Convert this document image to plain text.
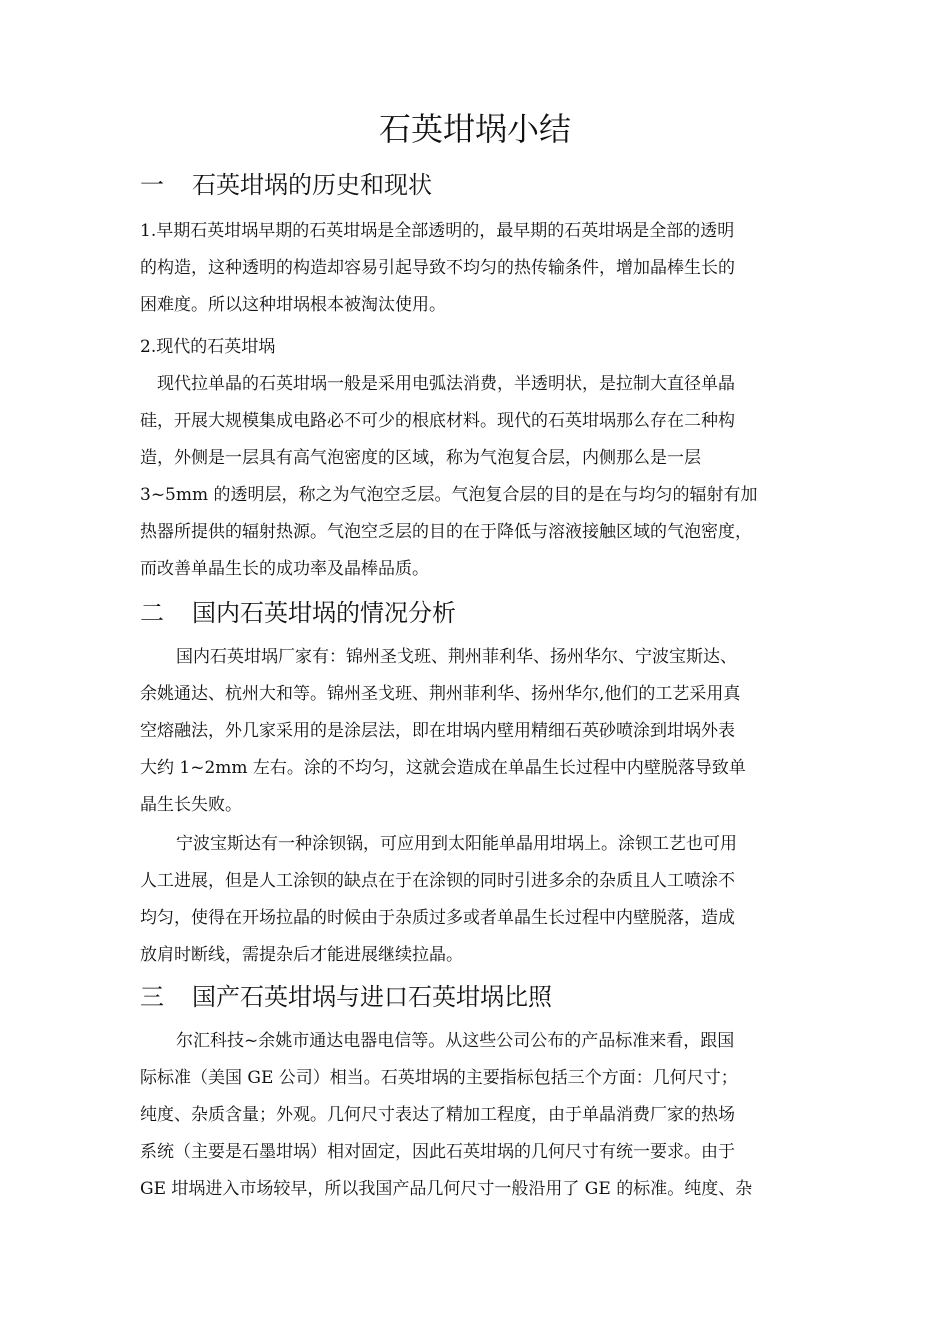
石英坩埚小结
一 石英坩埚的历史和现状

1.早期石英坩埚早期的石英坩埚是全部透明的，最早期的石英坩埚是全部的透明

的构造，这种透明的构造却容易引起导致不均匀的热传输条件，增加晶棒生长的

困难度。所以这种坩埚根本被淘汰使用。

2.现代的石英坩埚

现代拉单晶的石英坩埚一般是采用电弧法消费，半透明状，是拉制大直径单晶

硅，开展大规模集成电路必不可少的根底材料。现代的石英坩埚那么存在二种构

造，外侧是一层具有高气泡密度的区域，称为气泡复合层，内侧那么是一层

3~5mm 的透明层，称之为气泡空乏层。气泡复合层的目的是在与均匀的辐射有加

热器所提供的辐射热源。气泡空乏层的目的在于降低与溶液接触区域的气泡密度，

而改善单晶生长的成功率及晶棒品质。

二 国内石英坩埚的情况分析

国内石英坩埚厂家有：锦州圣戈班、荆州菲利华、扬州华尔、宁波宝斯达、

余姚通达、杭州大和等。锦州圣戈班、荆州菲利华、扬州华尔,他们的工艺采用真

空熔融法，外几家采用的是涂层法，即在坩埚内壁用精细石英砂喷涂到坩埚外表

大约 1~2mm 左右。涂的不均匀，这就会造成在单晶生长过程中内壁脱落导致单

晶生长失败。

宁波宝斯达有一种涂钡锅，可应用到太阳能单晶用坩埚上。涂钡工艺也可用

人工进展，但是人工涂钡的缺点在于在涂钡的同时引进多余的杂质且人工喷涂不

均匀，使得在开场拉晶的时候由于杂质过多或者单晶生长过程中内壁脱落，造成

放肩时断线，需提杂后才能进展继续拉晶。

三 国产石英坩埚与进口石英坩埚比照

尔汇科技~余姚市通达电器电信等。从这些公司公布的产品标准来看，跟国

际标准（美国 GE 公司）相当。石英坩埚的主要指标包括三个方面：几何尺寸；

纯度、杂质含量；外观。几何尺寸表达了精加工程度，由于单晶消费厂家的热场

系统（主要是石墨坩埚）相对固定，因此石英坩埚的几何尺寸有统一要求。由于

GE 坩埚进入市场较早，所以我国产品几何尺寸一般沿用了 GE 的标准。纯度、杂
